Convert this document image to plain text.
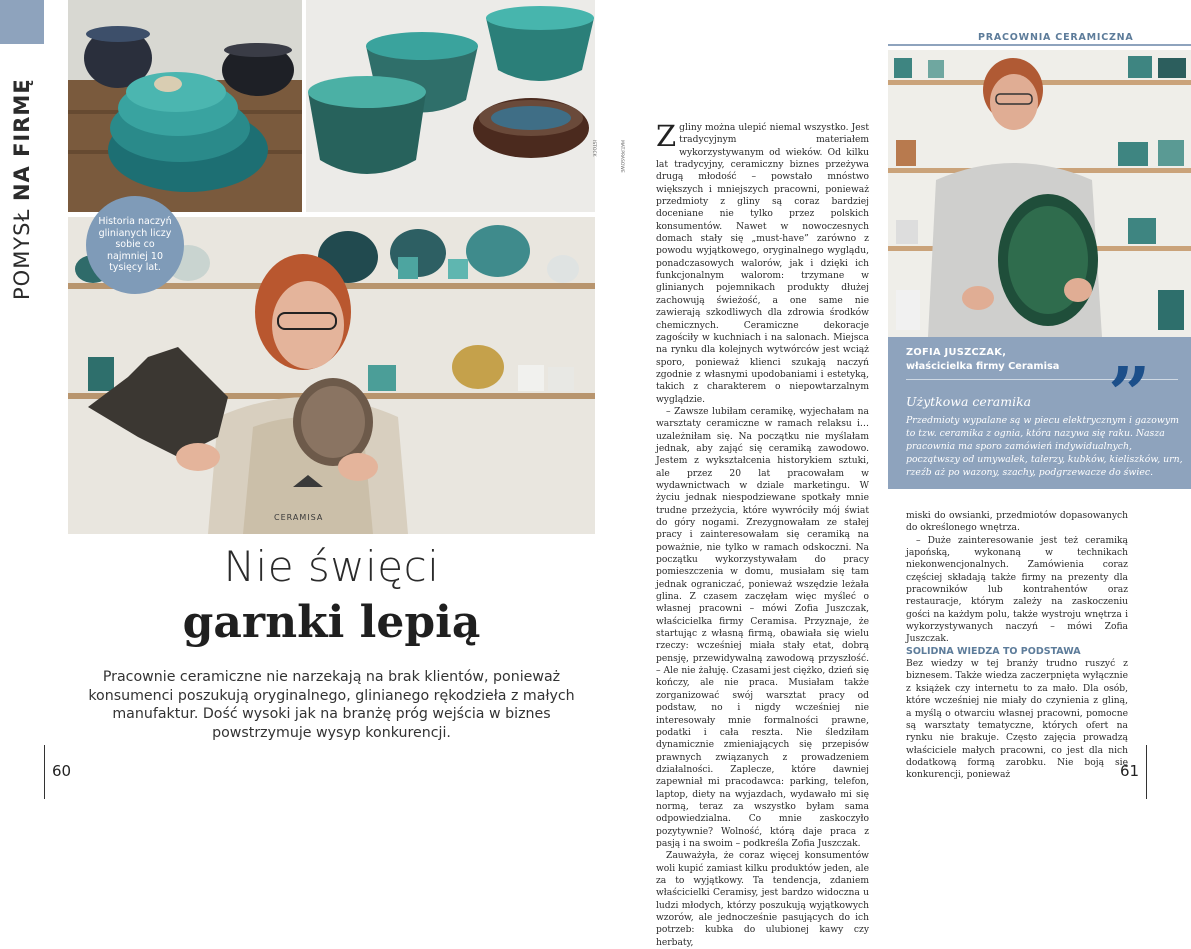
POMYSŁ NA FIRMĘ	ISTOCK	MAT.PRASOWE
CERAMISA
Historia naczyń glinianych liczy sobie co najmniej 10 tysięcy lat.
Nie święci
garnki lepią
Pracownie ceramiczne nie narzekają na brak klientów, ponieważ konsumenci poszukują oryginalnego, glinianego rękodzieła z małych manufaktur. Dość wysoki jak na branżę próg wejścia w biznes powstrzymuje wysyp konkurencji.
60
PRACOWNIA CERAMICZNA

Zgliny można ulepić niemal wszystko. Jest tradycyjnym materiałem wykorzystywanym od wieków. Od kilku lat tradycyjny, ceramiczny biznes przeżywa drugą młodość – powstało mnóstwo większych i mniejszych pracowni, ponieważ przedmioty z gliny są coraz bardziej doceniane nie tylko przez polskich konsumentów. Nawet w nowoczesnych domach stały się „must-have” zarówno z powodu wyjątkowego, oryginalnego wyglądu, ponadczasowych walorów, jak i dzięki ich funkcjonalnym walorom: trzymane w glinianych pojemnikach produkty dłużej zachowują świeżość, a one same nie zawierają szkodliwych dla zdrowia środków chemicznych. Ceramiczne dekoracje zagościły w kuchniach i na salonach. Miejsca na rynku dla kolejnych wytwórców jest wciąż sporo, ponieważ klienci szukają naczyń zgodnie z własnymi upodobaniami i estetyką, takich z charakterem o niepowtarzalnym wyglądzie.

– Zawsze lubiłam ceramikę, wyjechałam na warsztaty ceramiczne w ramach relaksu i… uzależniłam się. Na początku nie myślałam jednak, aby zająć się ceramiką zawodowo. Jestem z wykształcenia historykiem sztuki, ale przez 20 lat pracowałam w wydawnictwach w dziale marketingu. W życiu jednak niespodziewane spotkały mnie trudne przeżycia, które wywróciły mój świat do góry nogami. Zrezygnowałam ze stałej pracy i zainteresowałam się ceramiką na poważnie, nie tylko w ramach odskoczni. Na początku wykorzystywałam do pracy pomieszczenia w domu, musiałam się tam jednak ograniczać, ponieważ wszędzie leżała glina. Z czasem zaczęłam więc myśleć o własnej pracowni – mówi Zofia Juszczak, właścicielka firmy Ceramisa. Przyznaje, że startując z własną firmą, obawiała się wielu rzeczy: wcześniej miała stały etat, dobrą pensję, przewidywalną zawodową przyszłość. – Ale nie żałuję. Czasami jest ciężko, dzień się kończy, ale nie praca. Musiałam także zorganizować swój warsztat pracy od podstaw, no i nigdy wcześniej nie interesowały mnie formalności prawne, podatki i cała reszta. Nie śledziłam dynamicznie zmieniających się przepisów prawnych związanych z prowadzeniem działalności. Zaplecze, które dawniej zapewniał mi pracodawca: parking, telefon, laptop, diety na wyjazdach, wydawało mi się normą, teraz za wszystko byłam sama odpowiedzialna. Co mnie zaskoczyło pozytywnie? Wolność, którą daje praca z pasją i na swoim – podkreśla Zofia Juszczak.

Zauważyła, że coraz więcej konsumentów woli kupić zamiast kilku produktów jeden, ale za to wyjątkowy. Ta tendencja, zdaniem właścicielki Ceramisy, jest bardzo widoczna u ludzi młodych, którzy poszukują wyjątkowych wzorów, ale jednocześnie pasujących do ich potrzeb: kubka do ulubionej kawy czy herbaty,

ZOFIA JUSZCZAK,
właścicielka firmy Ceramisa ”
Użytkowa ceramika
Przedmioty wypalane są w piecu elektrycznym i gazowym to tzw. ceramika z ognia, która nazywa się raku. Nasza pracownia ma sporo zamówień indywidualnych, początwszy od umywalek, talerzy, kubków, kieliszków, urn, rzeźb aż po wazony, szachy, podgrzewacze do świec.

miski do owsianki, przedmiotów dopasowanych do określonego wnętrza.

– Duże zainteresowanie jest też ceramiką japońską, wykonaną w technikach niekonwencjonalnych. Zamówienia coraz częściej składają także firmy na prezenty dla pracowników lub kontrahentów oraz restauracje, którym zależy na zaskoczeniu gości na każdym polu, także wystroju wnętrza i wykorzystywanych naczyń – mówi Zofia Juszczak.

SOLIDNA WIEDZA TO PODSTAWA

Bez wiedzy w tej branży trudno ruszyć z biznesem. Także wiedza zaczerpnięta wyłącznie z książek czy internetu to za mało. Dla osób, które wcześniej nie miały do czynienia z gliną, a myślą o otwarciu własnej pracowni, pomocne są warsztaty tematyczne, których ofert na rynku nie brakuje. Często zajęcia prowadzą właściciele małych pracowni, co jest dla nich dodatkową formą zarobku. Nie boją się konkurencji, ponieważ	61
